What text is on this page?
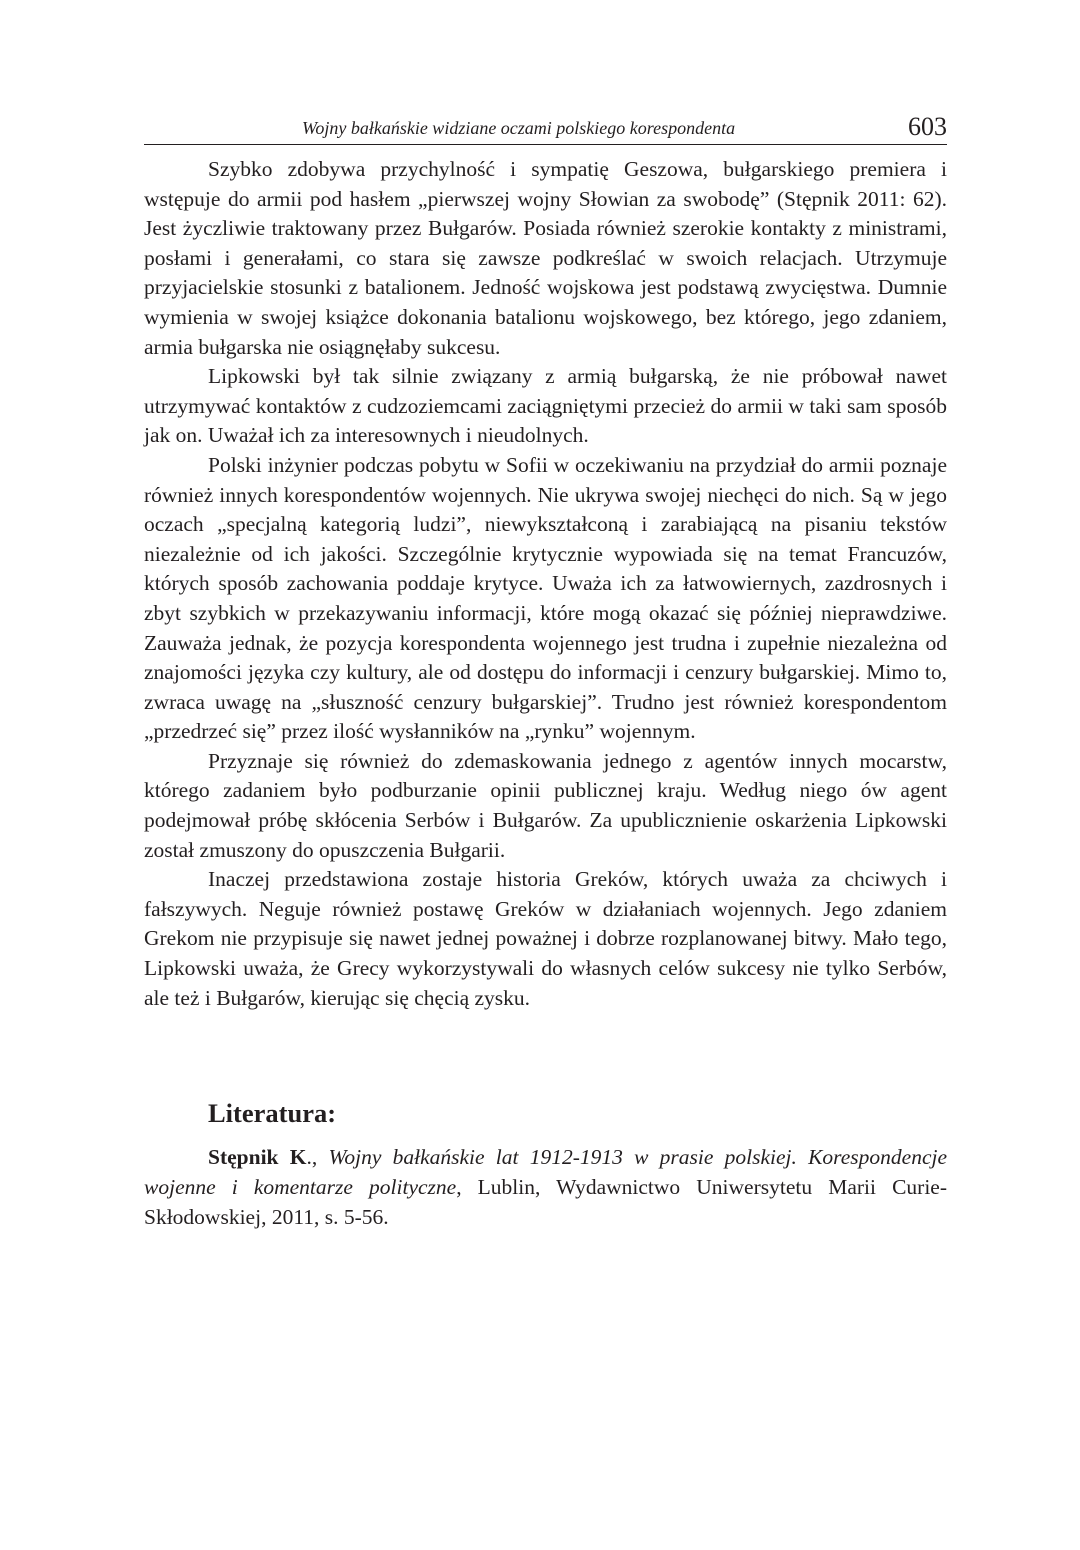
Wojny bałkańskie widziane oczami polskiego korespondenta	603

Szybko zdobywa przychylność i sympatię Geszowa, bułgarskiego premiera i wstępuje do armii pod hasłem „pierwszej wojny Słowian za swobodę” (Stępnik 2011: 62). Jest życzliwie traktowany przez Bułgarów. Posiada również szerokie kontakty z ministrami, posłami i generałami, co stara się zawsze podkreślać w swoich relacjach. Utrzymuje przyjacielskie stosunki z batalionem. Jedność wojskowa jest podstawą zwycięstwa. Dumnie wymienia w swojej książce dokonania batalionu wojskowego, bez którego, jego zdaniem, armia bułgarska nie osiągnęłaby sukcesu.

Lipkowski był tak silnie związany z armią bułgarską, że nie próbował nawet utrzymywać kontaktów z cudzoziemcami zaciągniętymi przecież do armii w taki sam sposób jak on. Uważał ich za interesownych i nieudolnych.

Polski inżynier podczas pobytu w Sofii w oczekiwaniu na przydział do armii poznaje również innych korespondentów wojennych. Nie ukrywa swojej niechęci do nich. Są w jego oczach „specjalną kategorią ludzi”, niewykształconą i zarabiającą na pisaniu tekstów niezależnie od ich jakości. Szczególnie krytycznie wypowiada się na temat Francuzów, których sposób zachowania poddaje krytyce. Uważa ich za łatwowiernych, zazdrosnych i zbyt szybkich w przekazywaniu informacji, które mogą okazać się później nieprawdziwe. Zauważa jednak, że pozycja korespondenta wojennego jest trudna i zupełnie niezależna od znajomości języka czy kultury, ale od dostępu do informacji i cenzury bułgarskiej. Mimo to, zwraca uwagę na „słuszność cenzury bułgarskiej”. Trudno jest również korespondentom „przedrzeć się” przez ilość wysłanników na „rynku” wojennym.

Przyznaje się również do zdemaskowania jednego z agentów innych mocarstw, którego zadaniem było podburzanie opinii publicznej kraju. Według niego ów agent podejmował próbę skłócenia Serbów i Bułgarów. Za upublicznienie oskarżenia Lipkowski został zmuszony do opuszczenia Bułgarii.

Inaczej przedstawiona zostaje historia Greków, których uważa za chciwych i fałszywych. Neguje również postawę Greków w działaniach wojennych. Jego zdaniem Grekom nie przypisuje się nawet jednej poważnej i dobrze rozplanowanej bitwy. Mało tego, Lipkowski uważa, że Grecy wykorzystywali do własnych celów sukcesy nie tylko Serbów, ale też i Bułgarów, kierując się chęcią zysku.

Literatura:

Stępnik K., Wojny bałkańskie lat 1912-1913 w prasie polskiej. Korespondencje wojenne i komentarze polityczne, Lublin, Wydawnictwo Uniwersytetu Marii Curie-Skłodowskiej, 2011, s. 5-56.
